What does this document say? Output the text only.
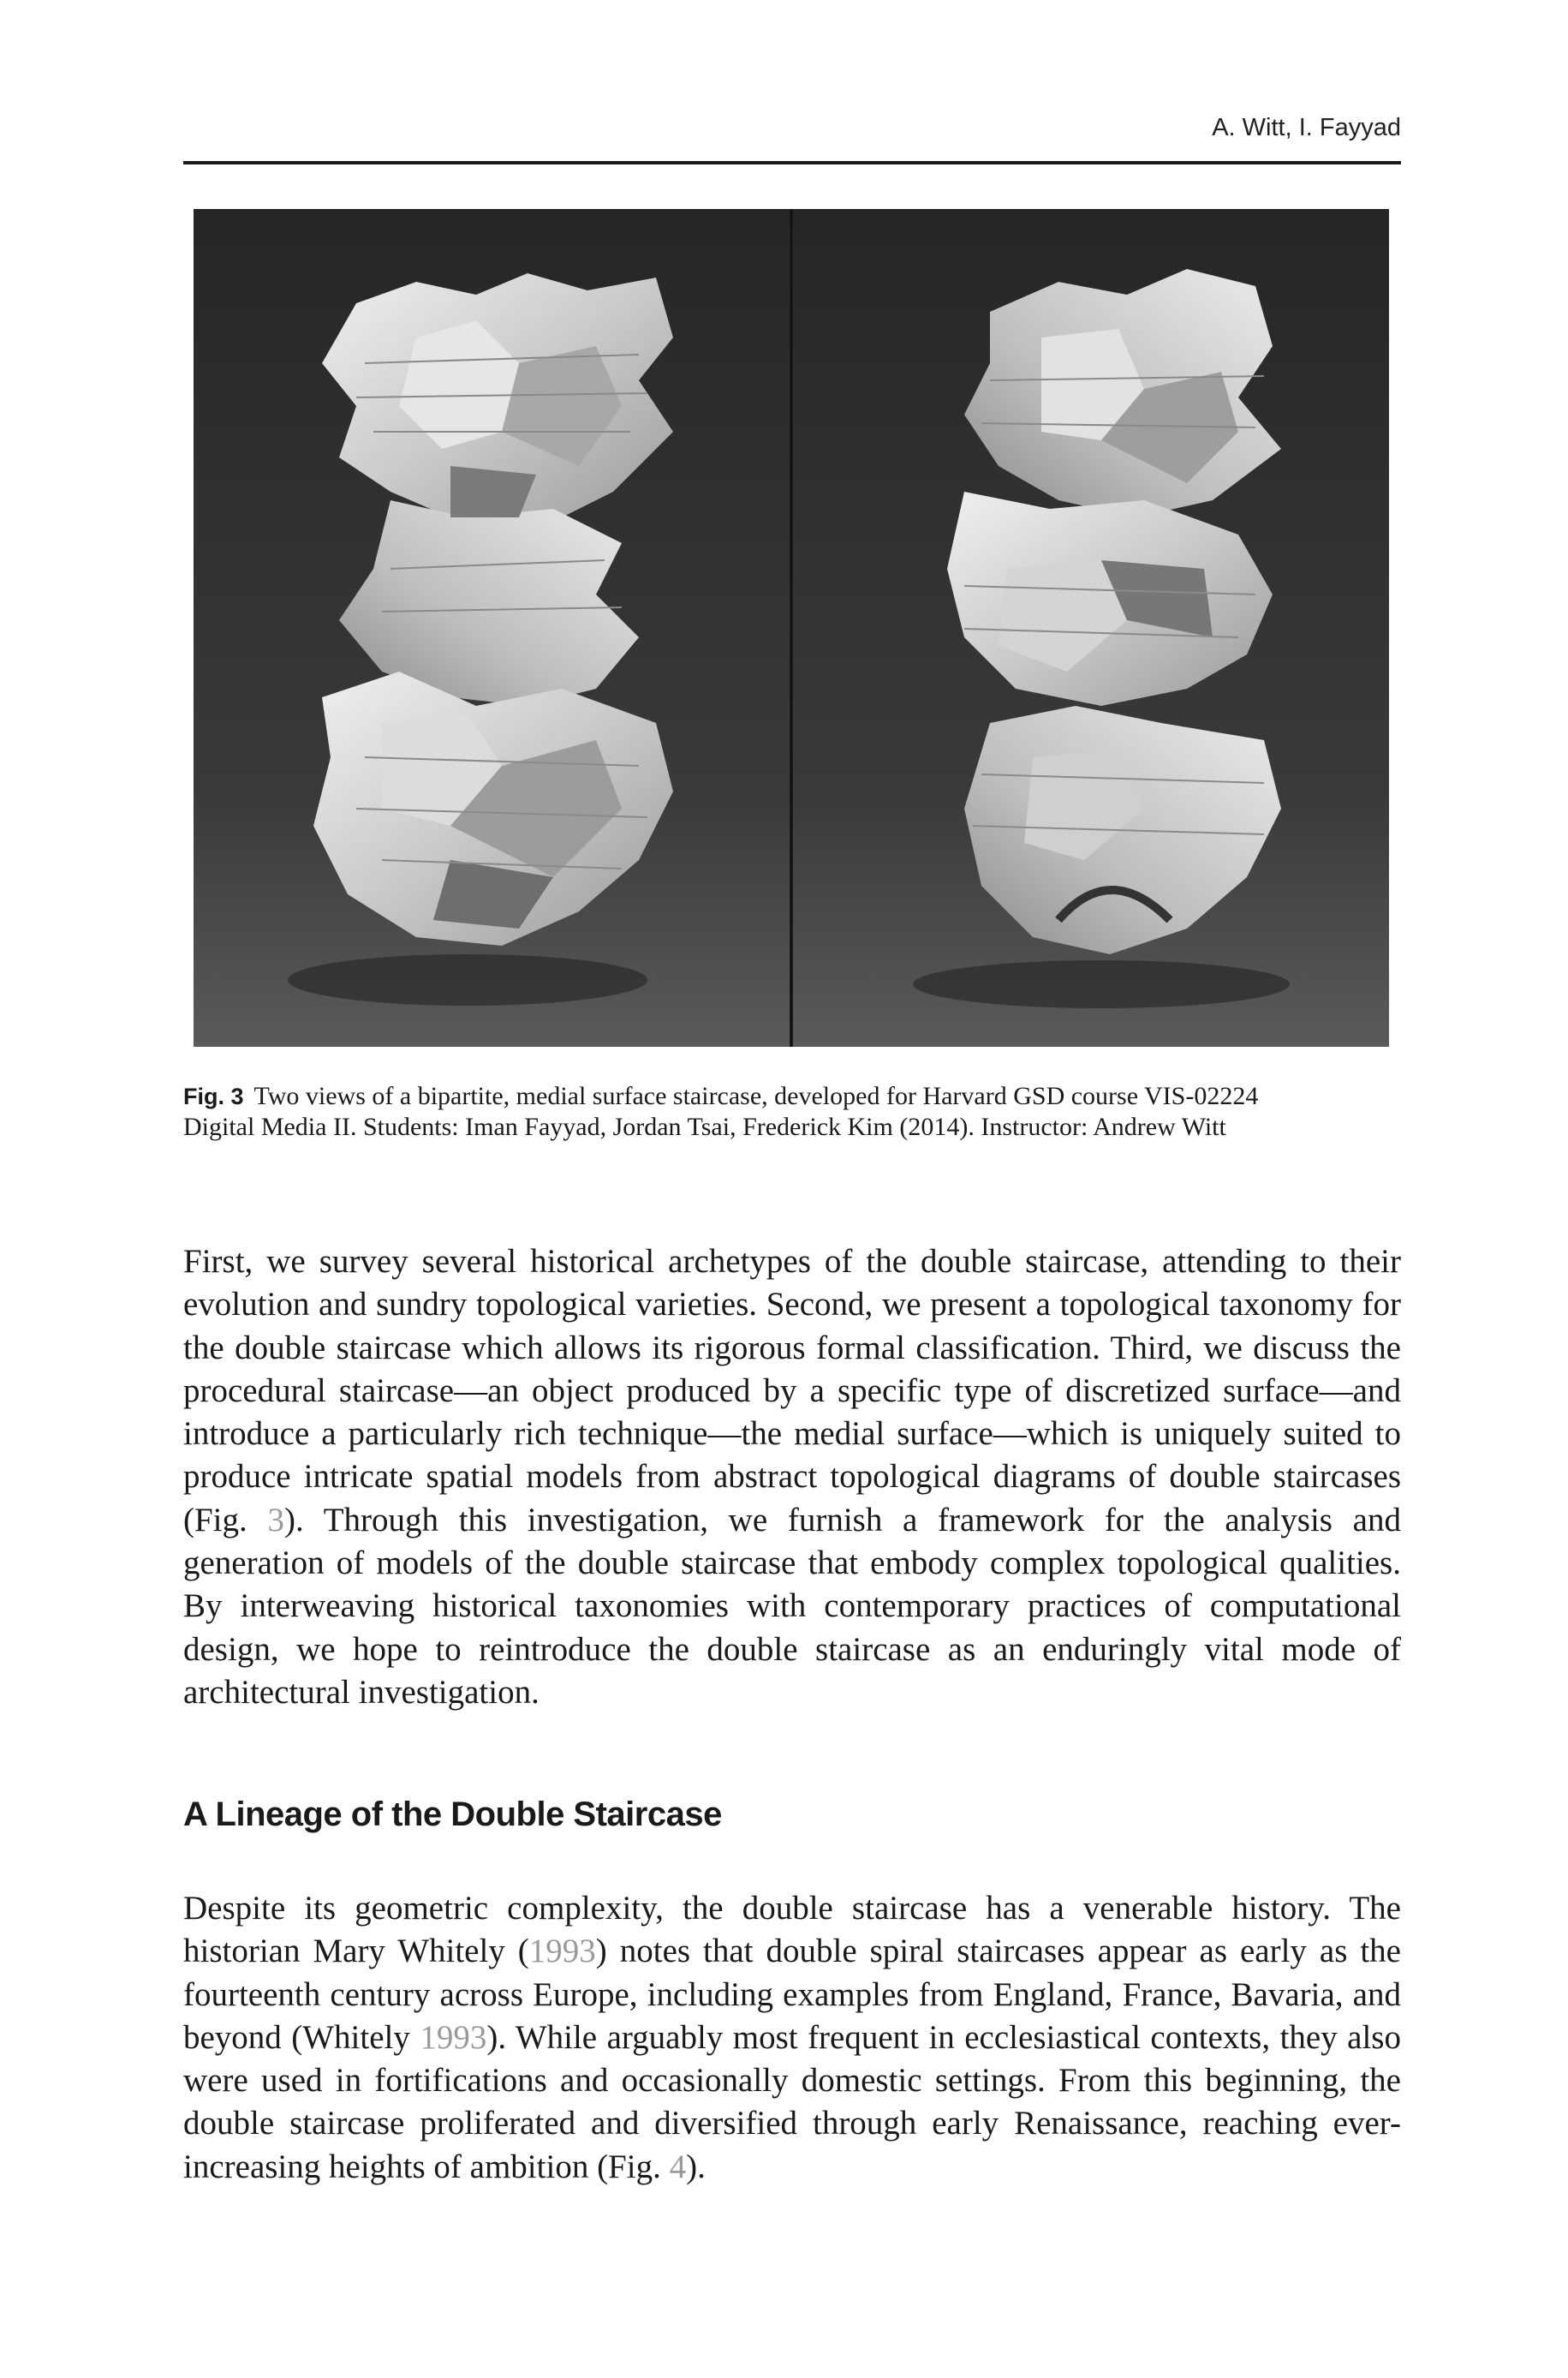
A. Witt, I. Fayyad
Fig. 3 Two views of a bipartite, medial surface staircase, developed for Harvard GSD course VIS-02224
Digital Media II. Students: Iman Fayyad, Jordan Tsai, Frederick Kim (2014). Instructor: Andrew Witt
First, we survey several historical archetypes of the double staircase, attending to their evolution and sundry topological varieties. Second, we present a topological taxonomy for the double staircase which allows its rigorous formal classification. Third, we discuss the procedural staircase—an object produced by a specific type of discretized surface—and introduce a particularly rich technique—the medial surface—which is uniquely suited to produce intricate spatial models from abstract topological diagrams of double staircases (Fig. 3). Through this investigation, we furnish a framework for the analysis and generation of models of the double staircase that embody complex topological qualities. By interweaving historical taxonomies with contemporary practices of computational design, we hope to reintroduce the double staircase as an enduringly vital mode of architectural investigation.
A Lineage of the Double Staircase
Despite its geometric complexity, the double staircase has a venerable history. The historian Mary Whitely (1993) notes that double spiral staircases appear as early as the fourteenth century across Europe, including examples from England, France, Bavaria, and beyond (Whitely 1993). While arguably most frequent in ecclesiastical contexts, they also were used in fortifications and occasionally domestic settings. From this beginning, the double staircase proliferated and diversified through early Renaissance, reaching ever-increasing heights of ambition (Fig. 4).
